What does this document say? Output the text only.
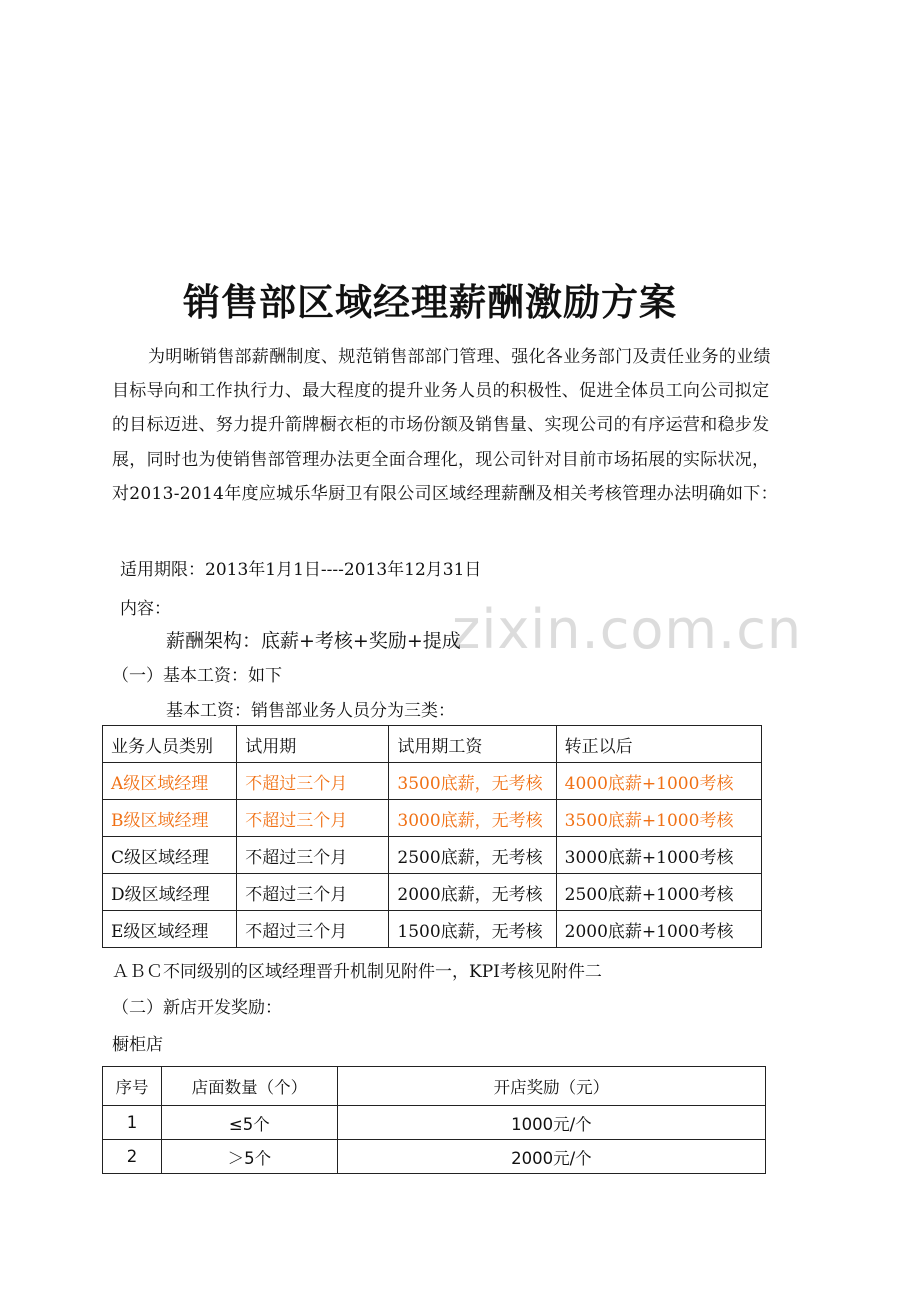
zixin.com.cn
销售部区域经理薪酬激励方案
为明晰销售部薪酬制度、规范销售部部门管理、强化各业务部门及责任业务的业绩目标导向和工作执行力、最大程度的提升业务人员的积极性、促进全体员工向公司拟定的目标迈进、努力提升箭牌橱衣柜的市场份额及销售量、实现公司的有序运营和稳步发展，同时也为使销售部管理办法更全面合理化，现公司针对目前市场拓展的实际状况，对2013-2014年度应城乐华厨卫有限公司区域经理薪酬及相关考核管理办法明确如下：
适用期限：2013年1月1日----2013年12月31日
内容：
薪酬架构：底薪+考核+奖励+提成
（一）基本工资：如下
基本工资：销售部业务人员分为三类：
业务人员类别	试用期	试用期工资	转正以后
A级区域经理	不超过三个月	3500底薪，无考核	4000底薪+1000考核
B级区域经理	不超过三个月	3000底薪，无考核	3500底薪+1000考核
C级区域经理	不超过三个月	2500底薪，无考核	3000底薪+1000考核
D级区域经理	不超过三个月	2000底薪，无考核	2500底薪+1000考核
E级区域经理	不超过三个月	1500底薪，无考核	2000底薪+1000考核
ＡＢＣ不同级别的区域经理晋升机制见附件一，KPI考核见附件二
（二）新店开发奖励：
橱柜店
序号	店面数量（个）	开店奖励（元）
1	≤5个	1000元/个
2	＞5个	2000元/个
